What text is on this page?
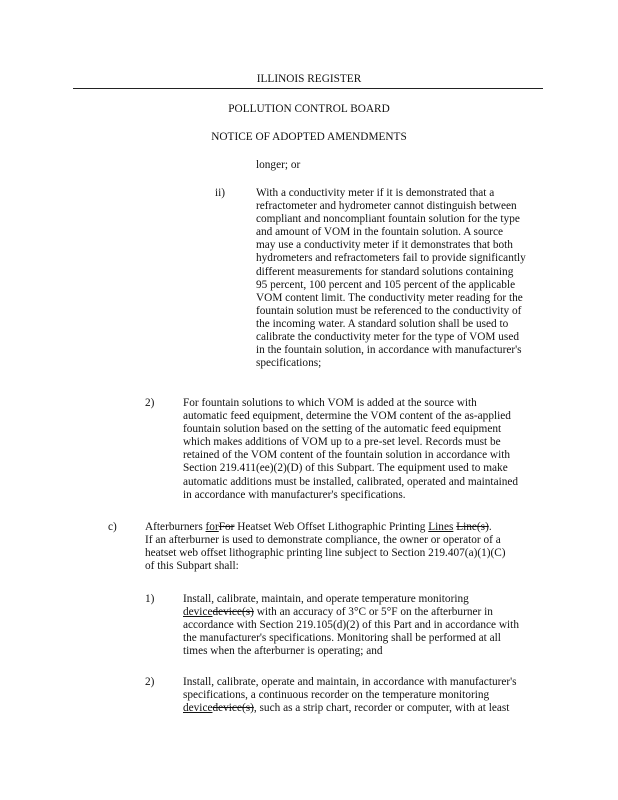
ILLINOIS REGISTER
POLLUTION CONTROL BOARD
NOTICE OF ADOPTED AMENDMENTS
longer; or
ii)	With a conductivity meter if it is demonstrated that a
refractometer and hydrometer cannot distinguish between
compliant and noncompliant fountain solution for the type
and amount of VOM in the fountain solution. A source
may use a conductivity meter if it demonstrates that both
hydrometers and refractometers fail to provide significantly
different measurements for standard solutions containing
95 percent, 100 percent and 105 percent of the applicable
VOM content limit. The conductivity meter reading for the
fountain solution must be referenced to the conductivity of
the incoming water. A standard solution shall be used to
calibrate the conductivity meter for the type of VOM used
in the fountain solution, in accordance with manufacturer's
specifications;
2)	For fountain solutions to which VOM is added at the source with
automatic feed equipment, determine the VOM content of the as-applied
fountain solution based on the setting of the automatic feed equipment
which makes additions of VOM up to a pre-set level. Records must be
retained of the VOM content of the fountain solution in accordance with
Section 219.411(ee)(2)(D) of this Subpart. The equipment used to make
automatic additions must be installed, calibrated, operated and maintained
in accordance with manufacturer's specifications.
c) Afterburners forFor Heatset Web Offset Lithographic Printing Lines Line(s).
If an afterburner is used to demonstrate compliance, the owner or operator of a
heatset web offset lithographic printing line subject to Section 219.407(a)(1)(C)
of this Subpart shall:
1)	Install, calibrate, maintain, and operate temperature monitoring
devicedevice(s) with an accuracy of 3°C or 5°F on the afterburner in
accordance with Section 219.105(d)(2) of this Part and in accordance with
the manufacturer's specifications. Monitoring shall be performed at all
times when the afterburner is operating; and
2)	Install, calibrate, operate and maintain, in accordance with manufacturer's
specifications, a continuous recorder on the temperature monitoring
devicedevice(s), such as a strip chart, recorder or computer, with at least
